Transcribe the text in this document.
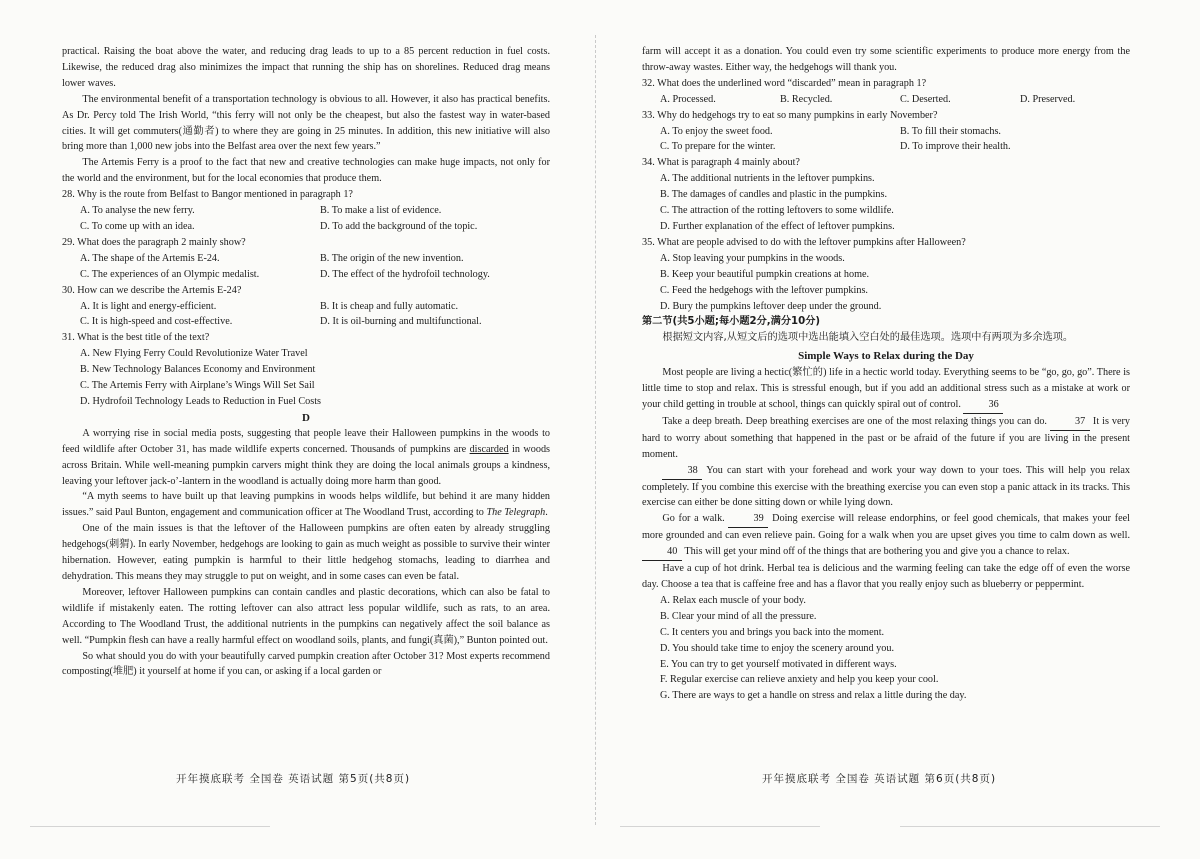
practical. Raising the boat above the water, and reducing drag leads to up to a 85 percent reduction in fuel costs. Likewise, the reduced drag also minimizes the impact that running the ship has on shorelines. Reduced drag means lower waves.

The environmental benefit of a transportation technology is obvious to all. However, it also has practical benefits. As Dr. Percy told The Irish World, “this ferry will not only be the cheapest, but also the fastest way in water-based cities. It will get commuters(通勤者) to where they are going in 25 minutes. In addition, this new initiative will also bring more than 1,000 new jobs into the Belfast area over the next few years.”

The Artemis Ferry is a proof to the fact that new and creative technologies can make huge impacts, not only for the world and the environment, but for the local economies that produce them.

28. Why is the route from Belfast to Bangor mentioned in paragraph 1?
A. To analyse the new ferry.	B. To make a list of evidence.
C. To come up with an idea.	D. To add the background of the topic.
29. What does the paragraph 2 mainly show?
A. The shape of the Artemis E-24.	B. The origin of the new invention.
C. The experiences of an Olympic medalist.	D. The effect of the hydrofoil technology.
30. How can we describe the Artemis E-24?
A. It is light and energy-efficient.	B. It is cheap and fully automatic.
C. It is high-speed and cost-effective.	D. It is oil-burning and multifunctional.
31. What is the best title of the text?
A. New Flying Ferry Could Revolutionize Water Travel
B. New Technology Balances Economy and Environment
C. The Artemis Ferry with Airplane’s Wings Will Set Sail
D. Hydrofoil Technology Leads to Reduction in Fuel Costs
D

A worrying rise in social media posts, suggesting that people leave their Halloween pumpkins in the woods to feed wildlife after October 31, has made wildlife experts concerned. Thousands of pumpkins are discarded in woods across Britain. While well-meaning pumpkin carvers might think they are doing the local animals groups a kindness, leaving your leftover jack-o’-lantern in the woodland is actually doing more harm than good.

“A myth seems to have built up that leaving pumpkins in woods helps wildlife, but behind it are many hidden issues.” said Paul Bunton, engagement and communication officer at The Woodland Trust, according to The Telegraph.

One of the main issues is that the leftover of the Halloween pumpkins are often eaten by already struggling hedgehogs(刺猬). In early November, hedgehogs are looking to gain as much weight as possible to survive their winter hibernation. However, eating pumpkin is harmful to their little hedgehog stomachs, leading to diarrhea and dehydration. This means they may struggle to put on weight, and in some cases can even be fatal.

Moreover, leftover Halloween pumpkins can contain candles and plastic decorations, which can also be fatal to wildlife if mistakenly eaten. The rotting leftover can also attract less popular wildlife, such as rats, to an area. According to The Woodland Trust, the additional nutrients in the pumpkins can negatively affect the soil balance as well. “Pumpkin flesh can have a really harmful effect on woodland soils, plants, and fungi(真菌),” Bunton pointed out.

So what should you do with your beautifully carved pumpkin creation after October 31? Most experts recommend composting(堆肥) it yourself at home if you can, or asking if a local garden or

farm will accept it as a donation. You could even try some scientific experiments to produce more energy from the throw-away wastes. Either way, the hedgehogs will thank you.

32. What does the underlined word “discarded” mean in paragraph 1?
A. Processed.	B. Recycled.	C. Deserted.	D. Preserved.
33. Why do hedgehogs try to eat so many pumpkins in early November?
A. To enjoy the sweet food.	B. To fill their stomachs.
C. To prepare for the winter.	D. To improve their health.
34. What is paragraph 4 mainly about?
A. The additional nutrients in the leftover pumpkins.
B. The damages of candles and plastic in the pumpkins.
C. The attraction of the rotting leftovers to some wildlife.
D. Further explanation of the effect of leftover pumpkins.
35. What are people advised to do with the leftover pumpkins after Halloween?
A. Stop leaving your pumpkins in the woods.
B. Keep your beautiful pumpkin creations at home.
C. Feed the hedgehogs with the leftover pumpkins.
D. Bury the pumpkins leftover deep under the ground.
第二节(共5小题;每小题2分,满分10分)

根据短文内容,从短文后的选项中选出能填入空白处的最佳选项。选项中有两项为多余选项。

Simple Ways to Relax during the Day

Most people are living a hectic(繁忙的) life in a hectic world today. Everything seems to be “go, go, go”. There is little time to stop and relax. This is stressful enough, but if you add an additional stress such as a mistake at work or your child getting in trouble at school, things can quickly spiral out of control. 36

Take a deep breath. Deep breathing exercises are one of the most relaxing things you can do. 37 It is very hard to worry about something that happened in the past or be afraid of the future if you are living in the present moment.

38 You can start with your forehead and work your way down to your toes. This will help you relax completely. If you combine this exercise with the breathing exercise you can even stop a panic attack in its tracks. This exercise can either be done sitting down or while lying down.

Go for a walk. 39 Doing exercise will release endorphins, or feel good chemicals, that makes your feel more grounded and can even relieve pain. Going for a walk when you are upset gives you time to calm down as well. 40 This will get your mind off of the things that are bothering you and give you a chance to relax.

Have a cup of hot drink. Herbal tea is delicious and the warming feeling can take the edge off of even the worse day. Choose a tea that is caffeine free and has a flavor that you really enjoy such as blueberry or peppermint.

A. Relax each muscle of your body.
B. Clear your mind of all the pressure.
C. It centers you and brings you back into the moment.
D. You should take time to enjoy the scenery around you.
E. You can try to get yourself motivated in different ways.
F. Regular exercise can relieve anxiety and help you keep your cool.
G. There are ways to get a handle on stress and relax a little during the day.
开年摸底联考 全国卷 英语试题 第5页(共8页)	开年摸底联考 全国卷 英语试题 第6页(共8页)
